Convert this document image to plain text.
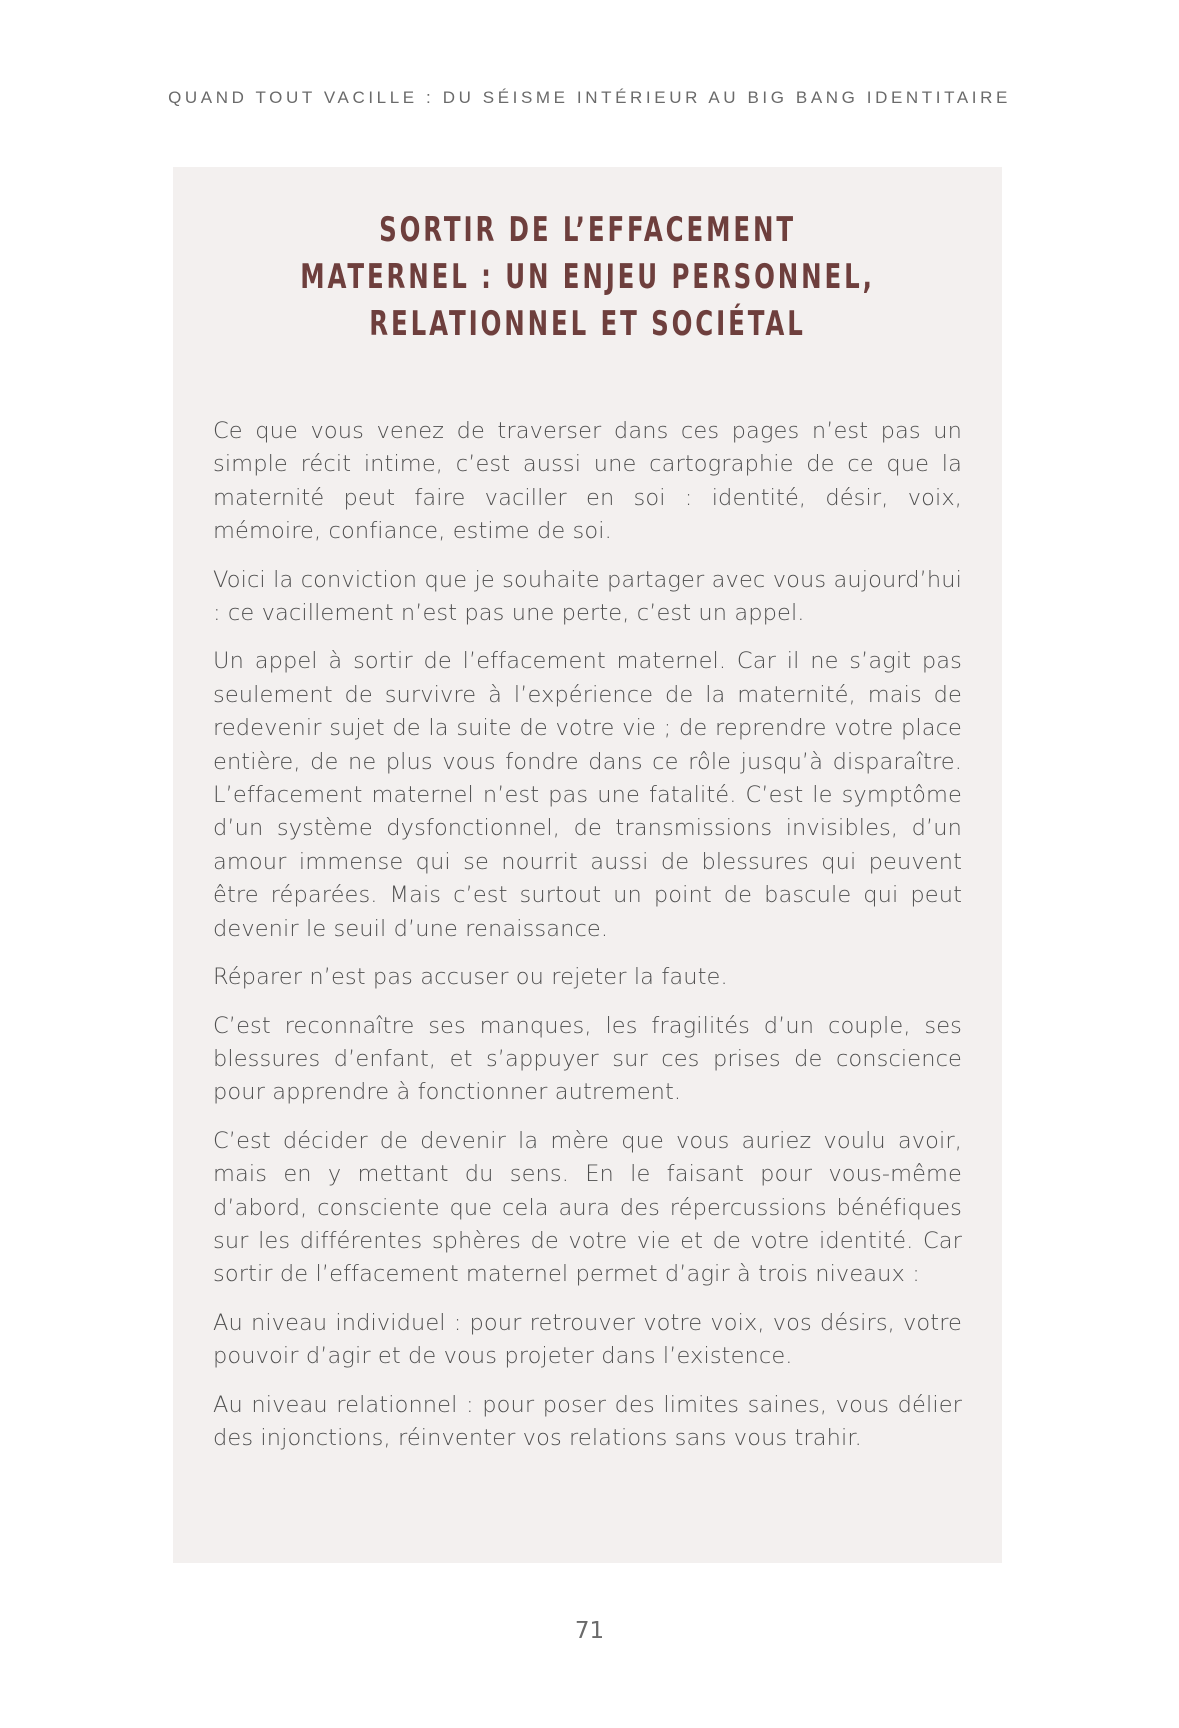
QUAND TOUT VACILLE : DU SÉISME INTÉRIEUR AU BIG BANG IDENTITAIRE
SORTIR DE L’EFFACEMENT
MATERNEL : UN ENJEU PERSONNEL,
RELATIONNEL ET SOCIÉTAL

Ce que vous venez de traverser dans ces pages n’est pas un simple récit intime, c’est aussi une cartographie de ce que la maternité peut faire vaciller en soi : identité, désir, voix, mémoire, confiance, estime de soi.

Voici la conviction que je souhaite partager avec vous aujourd’hui : ce vacillement n’est pas une perte, c’est un appel.

Un appel à sortir de l’effacement maternel. Car il ne s’agit pas seulement de survivre à l’expérience de la maternité, mais de redevenir sujet de la suite de votre vie ; de reprendre votre place entière, de ne plus vous fondre dans ce rôle jusqu’à disparaître. L’effacement maternel n’est pas une fatalité. C’est le symptôme d’un système dysfonctionnel, de transmissions invisibles, d’un amour immense qui se nourrit aussi de blessures qui peuvent être réparées. Mais c’est surtout un point de bascule qui peut devenir le seuil d’une renaissance.

Réparer n’est pas accuser ou rejeter la faute.

C’est reconnaître ses manques, les fragilités d’un couple, ses blessures d’enfant, et s’appuyer sur ces prises de conscience pour apprendre à fonctionner autrement.

C’est décider de devenir la mère que vous auriez voulu avoir, mais en y mettant du sens. En le faisant pour vous-même d’abord, consciente que cela aura des répercussions bénéfiques sur les différentes sphères de votre vie et de votre identité. Car sortir de l’effacement maternel permet d’agir à trois niveaux :

Au niveau individuel : pour retrouver votre voix, vos désirs, votre pouvoir d’agir et de vous projeter dans l’existence.

Au niveau relationnel : pour poser des limites saines, vous délier des injonctions, réinventer vos relations sans vous trahir.

71
